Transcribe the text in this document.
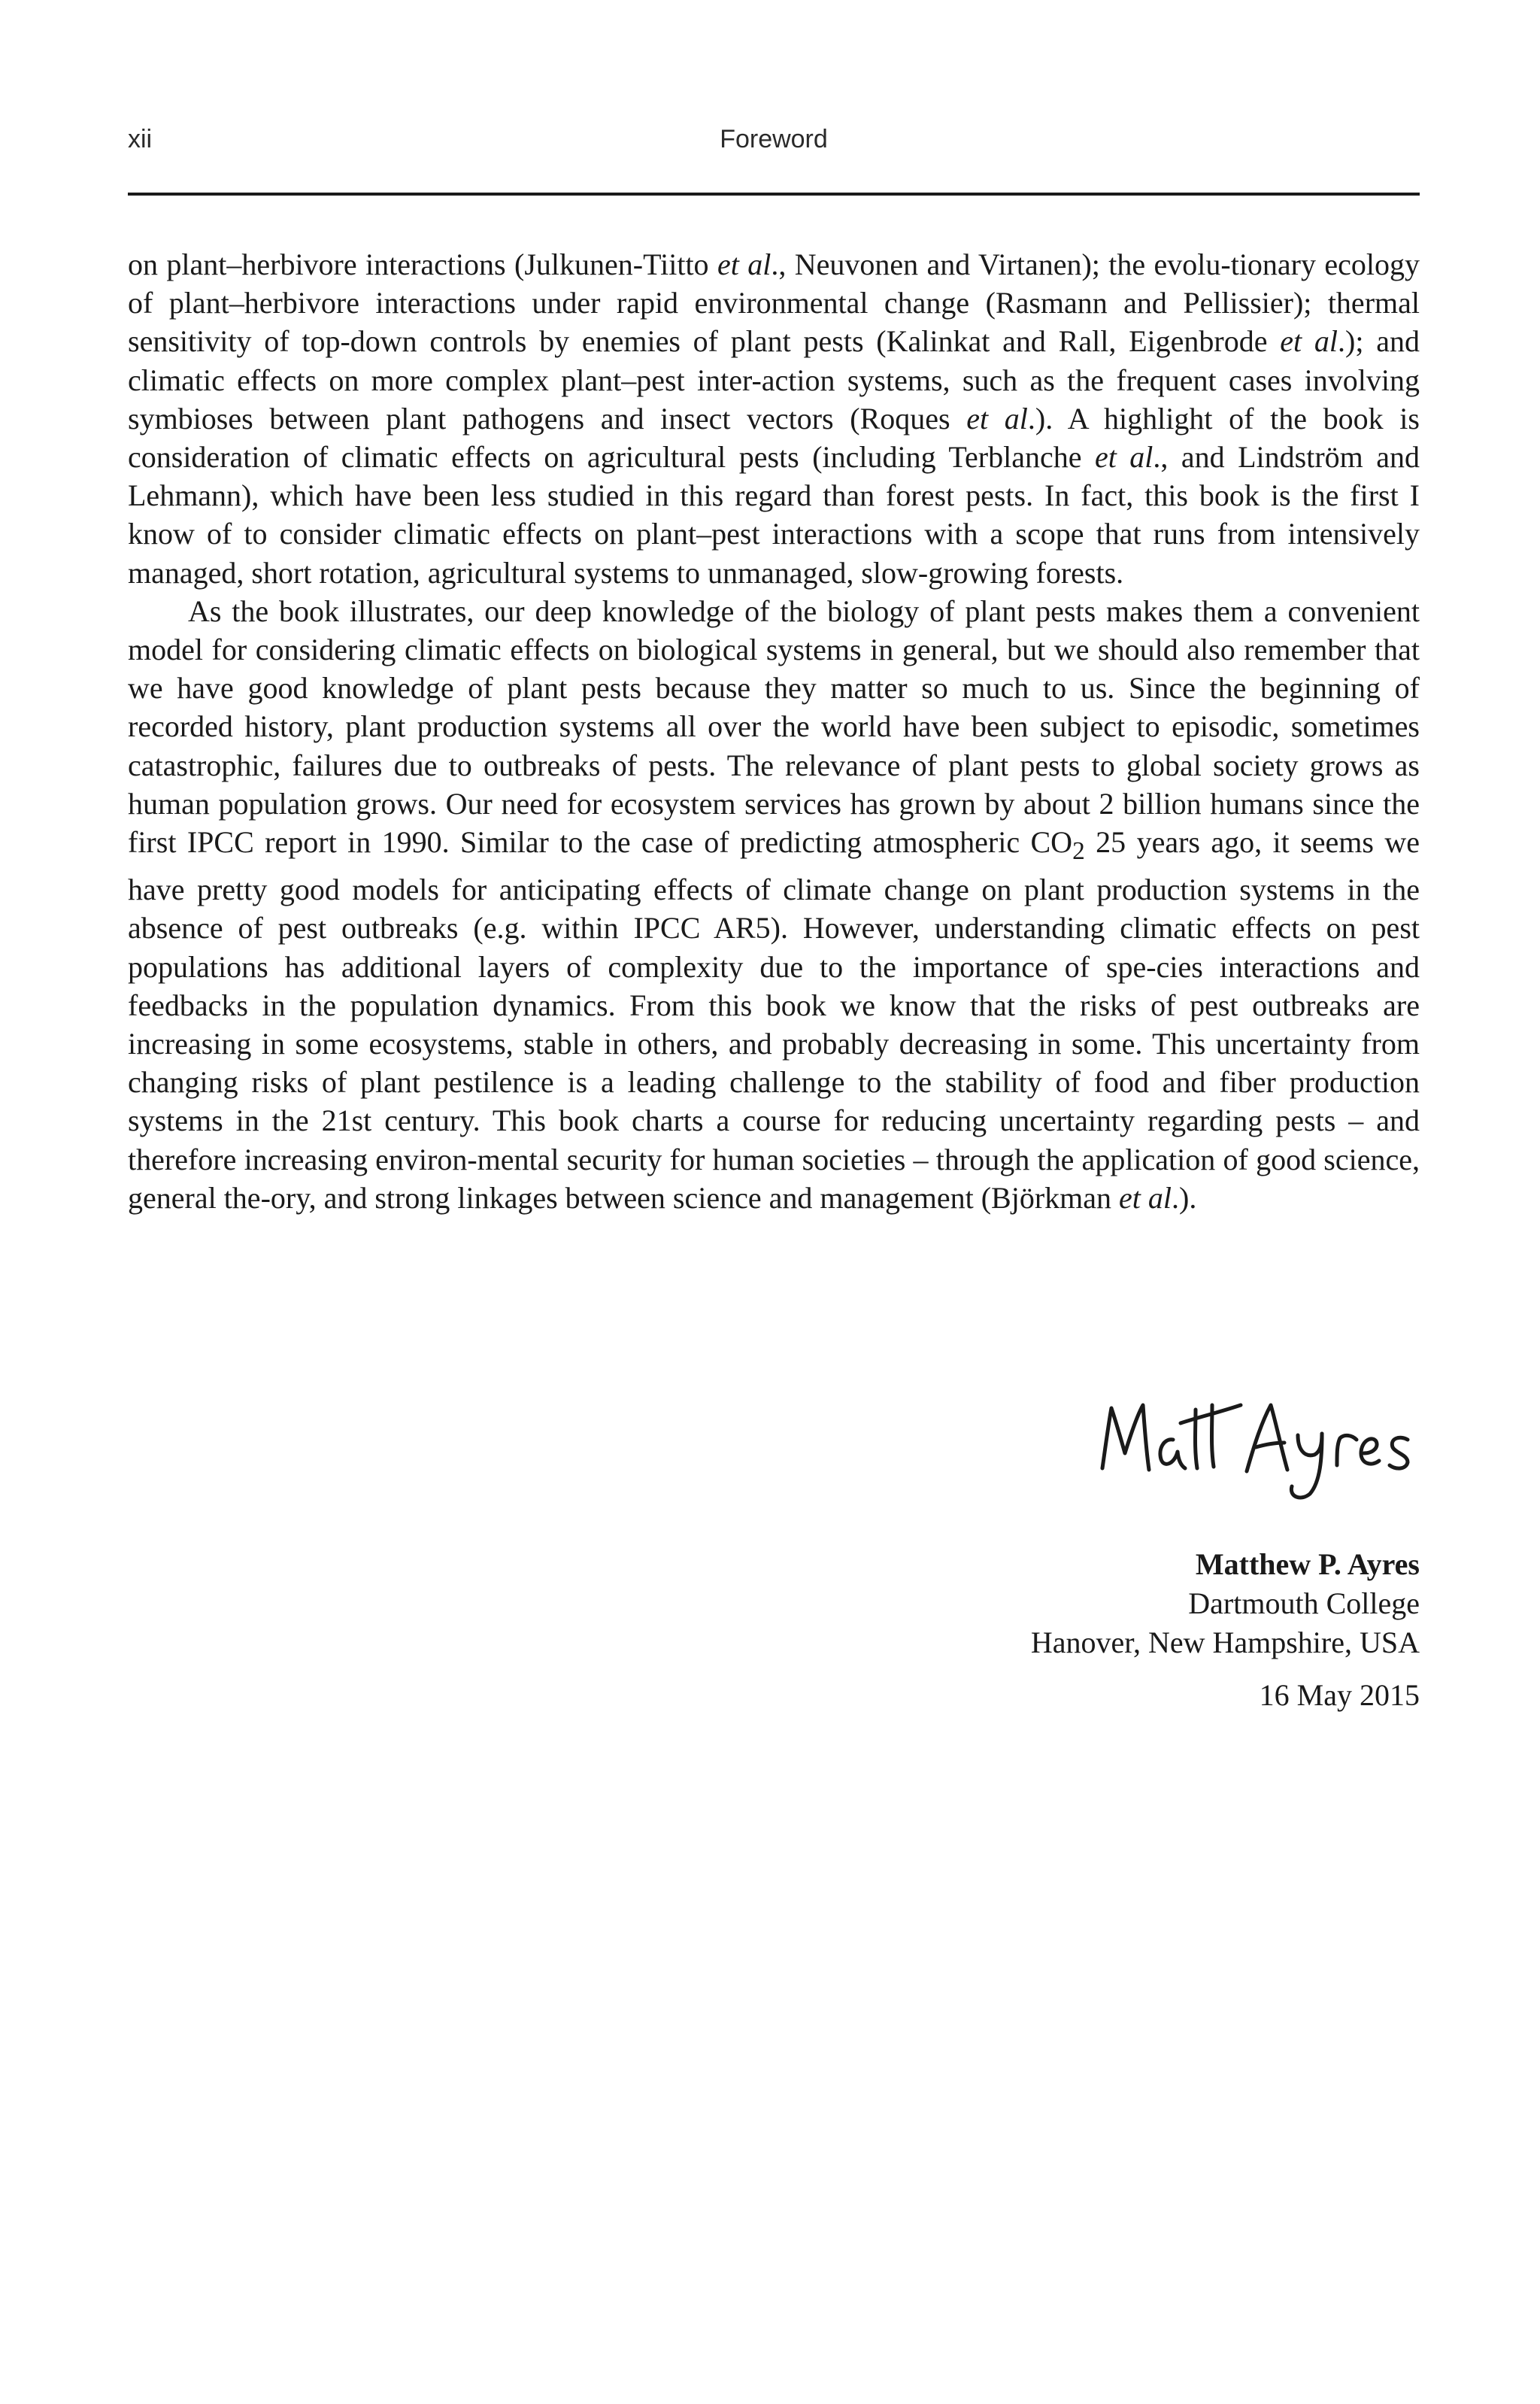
xii	Foreword

on plant–herbivore interactions (Julkunen-Tiitto et al., Neuvonen and Virtanen); the evolu-tionary ecology of plant–herbivore interactions under rapid environmental change (Rasmann and Pellissier); thermal sensitivity of top-down controls by enemies of plant pests (Kalinkat and Rall, Eigenbrode et al.); and climatic effects on more complex plant–pest inter-action systems, such as the frequent cases involving symbioses between plant pathogens and insect vectors (Roques et al.). A highlight of the book is consideration of climatic effects on agricultural pests (including Terblanche et al., and Lindström and Lehmann), which have been less studied in this regard than forest pests. In fact, this book is the first I know of to consider climatic effects on plant–pest interactions with a scope that runs from intensively managed, short rotation, agricultural systems to unmanaged, slow-growing forests.

As the book illustrates, our deep knowledge of the biology of plant pests makes them a convenient model for considering climatic effects on biological systems in general, but we should also remember that we have good knowledge of plant pests because they matter so much to us. Since the beginning of recorded history, plant production systems all over the world have been subject to episodic, sometimes catastrophic, failures due to outbreaks of pests. The relevance of plant pests to global society grows as human population grows. Our need for ecosystem services has grown by about 2 billion humans since the first IPCC report in 1990. Similar to the case of predicting atmospheric $CO_2$ 25 years ago, it seems we have pretty good models for anticipating effects of climate change on plant production systems in the absence of pest outbreaks (e.g. within IPCC AR5). However, understanding climatic effects on pest populations has additional layers of complexity due to the importance of spe-cies interactions and feedbacks in the population dynamics. From this book we know that the risks of pest outbreaks are increasing in some ecosystems, stable in others, and probably decreasing in some. This uncertainty from changing risks of plant pestilence is a leading challenge to the stability of food and fiber production systems in the 21st century. This book charts a course for reducing uncertainty regarding pests – and therefore increasing environ-mental security for human societies – through the application of good science, general the-ory, and strong linkages between science and management (Björkman et al.).

Matthew P. Ayres
Dartmouth College
Hanover, New Hampshire, USA
16 May 2015
